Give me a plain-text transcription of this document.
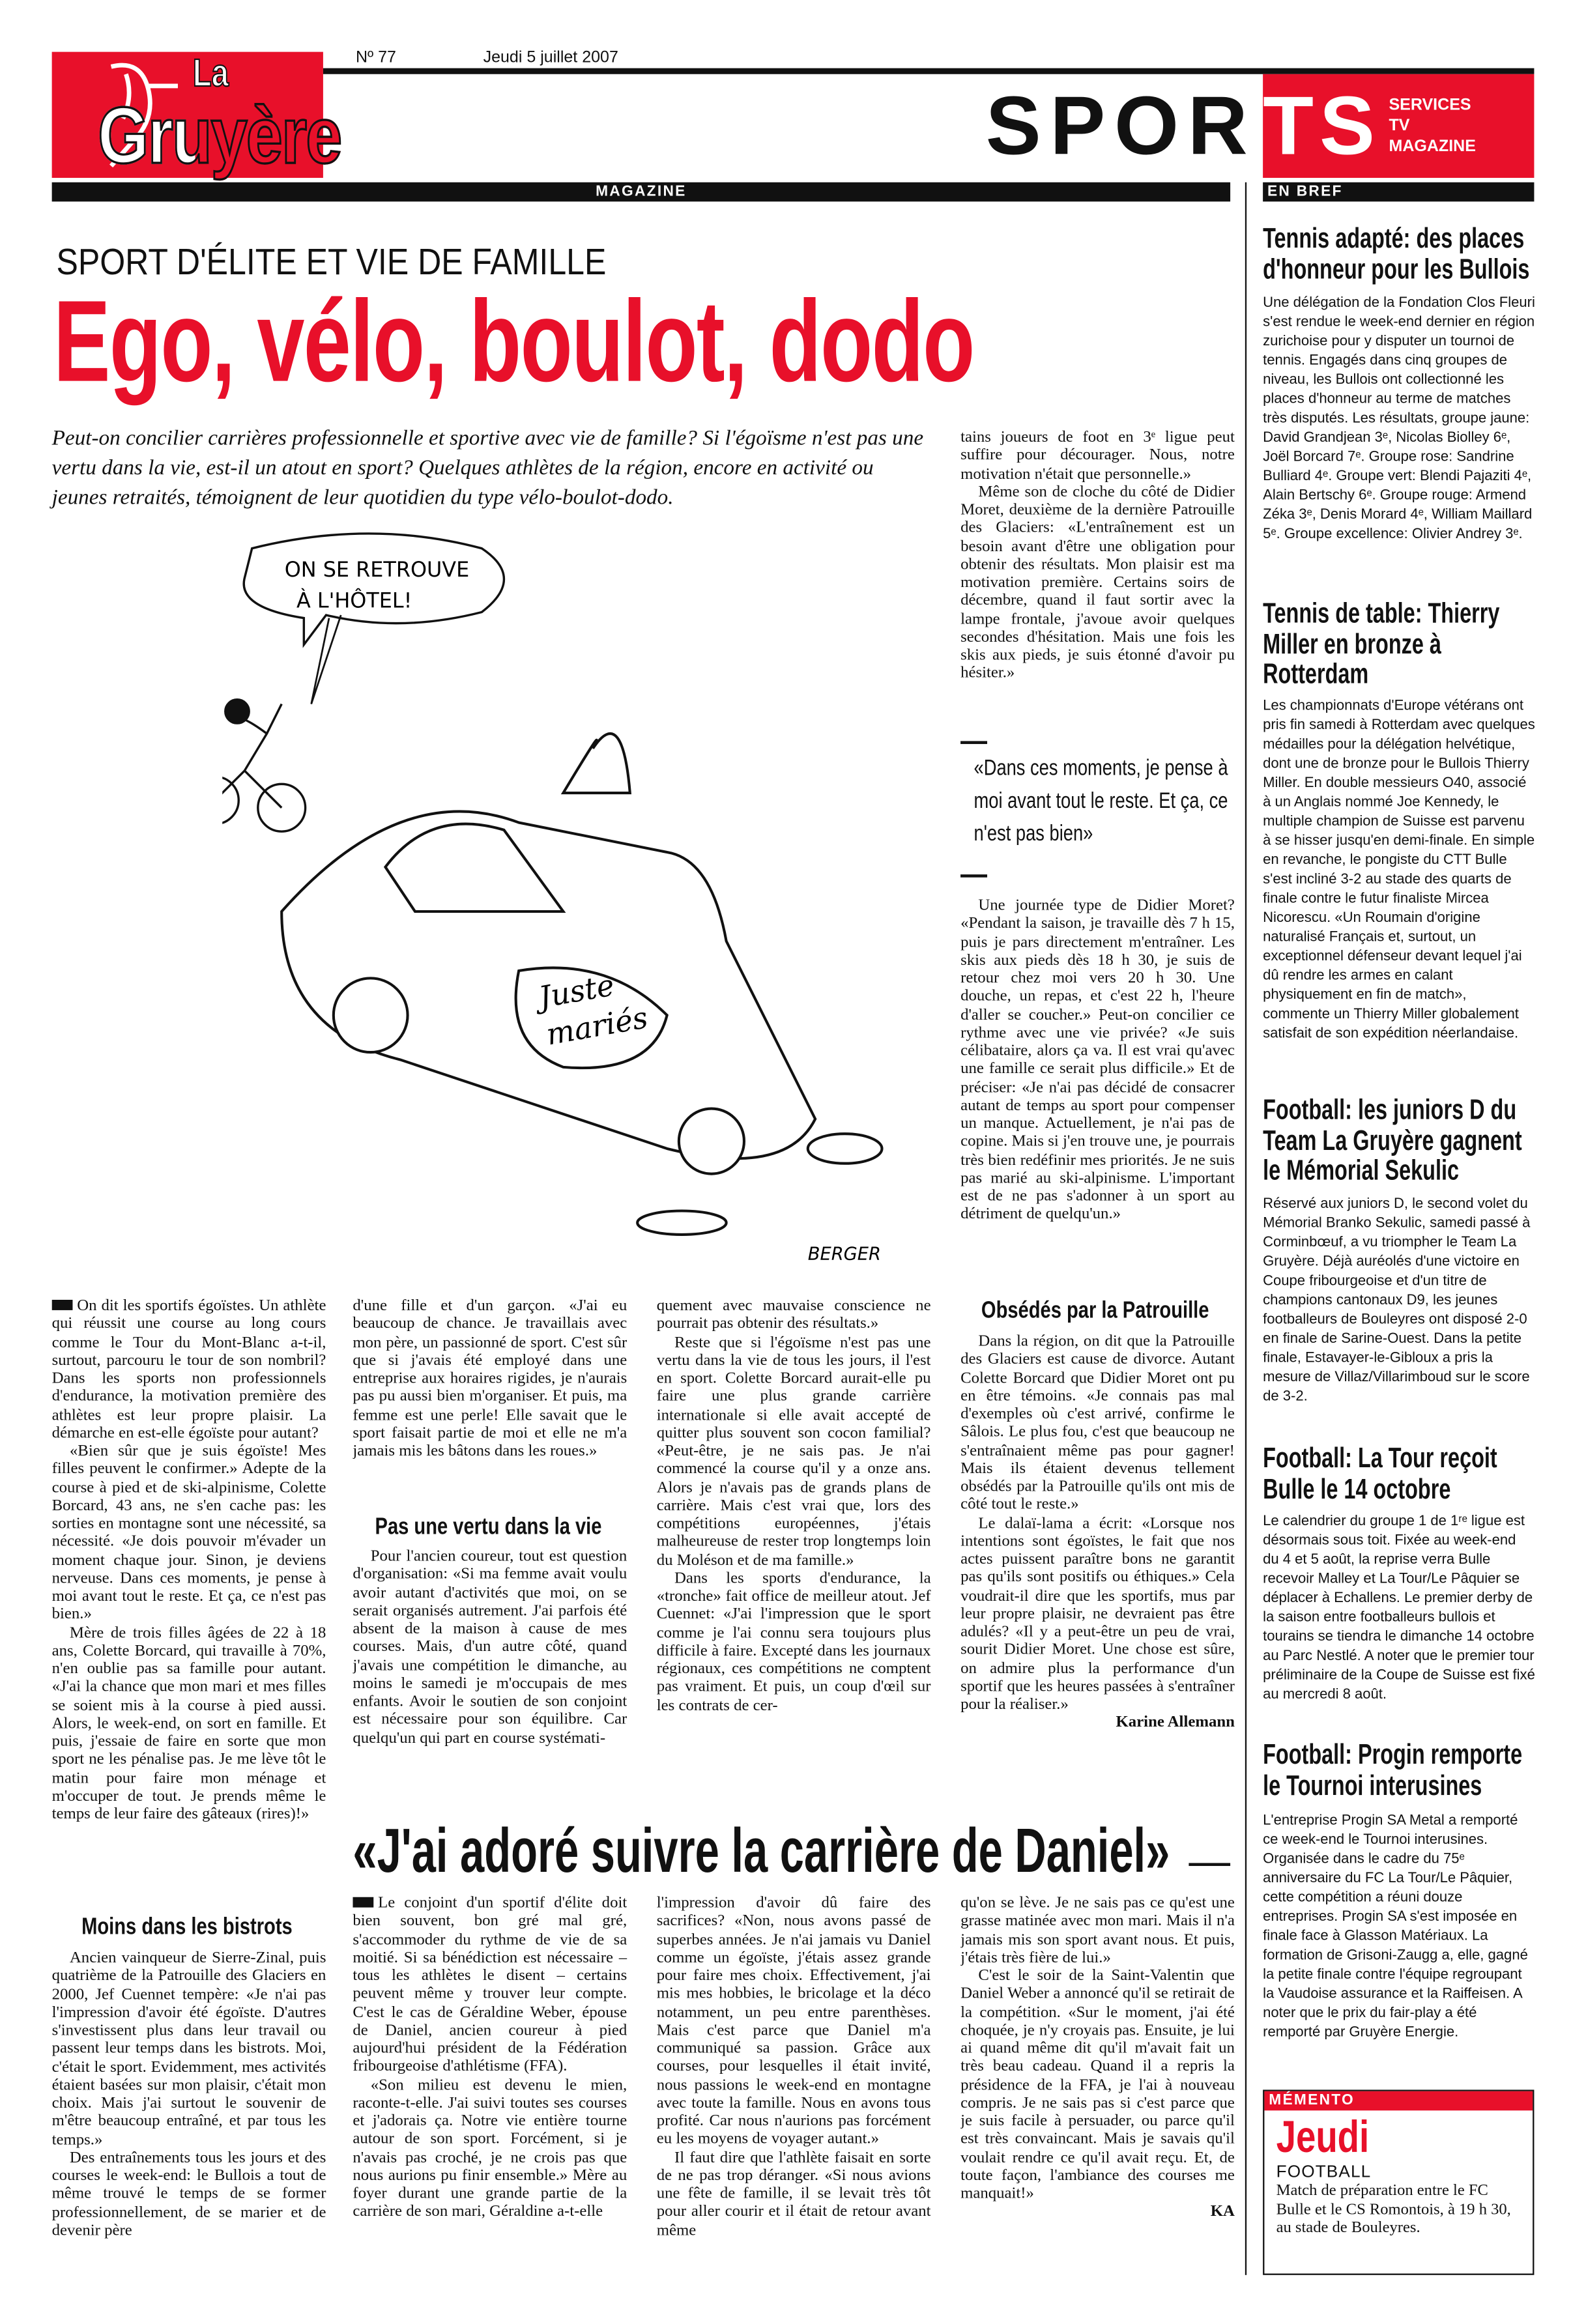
Gruyère
La	Nº 77	Jeudi 5 juillet 2007
SPOR TS SERVICES
TV
MAGAZINE
MAGAZINE	EN BREF
SPORT D'ÉLITE ET VIE DE FAMILLE
Ego, vélo, boulot, dodo
Peut-on concilier carrières professionnelle et sportive avec vie de famille? Si l'égoïsme n'est pas une vertu dans la vie, est-il un atout en sport? Quelques athlètes de la région, encore en activité ou jeunes retraités, témoignent de leur quotidien du type vélo-boulot-dodo.
ON SE RETROUVE
À L'HÔTEL!
Juste
mariés
BERGER

On dit les sportifs égoïstes. Un athlète qui réussit une course au long cours comme le Tour du Mont-Blanc a-t-il, surtout, parcouru le tour de son nombril? Dans les sports non professionnels d'endurance, la motivation première des athlètes est leur propre plaisir. La démarche en est-elle égoïste pour autant?

«Bien sûr que je suis égoïste! Mes filles peuvent le confirmer.» Adepte de la course à pied et de ski-alpinisme, Colette Borcard, 43 ans, ne s'en cache pas: les sorties en montagne sont une nécessité, sa nécessité. «Je dois pouvoir m'évader un moment chaque jour. Sinon, je deviens nerveuse. Dans ces moments, je pense à moi avant tout le reste. Et ça, ce n'est pas bien.»

Mère de trois filles âgées de 22 à 18 ans, Colette Borcard, qui travaille à 70%, n'en oublie pas sa famille pour autant. «J'ai la chance que mon mari et mes filles se soient mis à la course à pied aussi. Alors, le week-end, on sort en famille. Et puis, j'essaie de faire en sorte que mon sport ne les pénalise pas. Je me lève tôt le matin pour faire mon ménage et m'occuper de tout. Je prends même le temps de leur faire des gâteaux (rires)!»

Moins dans les bistrots

Ancien vainqueur de Sierre-Zinal, puis quatrième de la Patrouille des Glaciers en 2000, Jef Cuennet tempère: «Je n'ai pas l'impression d'avoir été égoïste. D'autres s'investissent plus dans leur travail ou passent leur temps dans les bistrots. Moi, c'était le sport. Evidemment, mes activités étaient basées sur mon plaisir, c'était mon choix. Mais j'ai surtout le souvenir de m'être beaucoup entraîné, et par tous les temps.»

Des entraînements tous les jours et des courses le week-end: le Bullois a tout de même trouvé le temps de se former professionnellement, de se marier et de devenir père

d'une fille et d'un garçon. «J'ai eu beaucoup de chance. Je travaillais avec mon père, un passionné de sport. C'est sûr que si j'avais été employé dans une entreprise aux horaires rigides, je n'aurais pas pu aussi bien m'organiser. Et puis, ma femme est une perle! Elle savait que le sport faisait partie de moi et elle ne m'a jamais mis les bâtons dans les roues.»

Pas une vertu dans la vie

Pour l'ancien coureur, tout est question d'organisation: «Si ma femme avait voulu avoir autant d'activités que moi, on se serait organisés autrement. J'ai parfois été absent de la maison à cause de mes courses. Mais, d'un autre côté, quand j'avais une compétition le dimanche, au moins le samedi je m'occupais de mes enfants. Avoir le soutien de son conjoint est nécessaire pour son équilibre. Car quelqu'un qui part en course systémati-

quement avec mauvaise conscience ne pourrait pas obtenir des résultats.»

Reste que si l'égoïsme n'est pas une vertu dans la vie de tous les jours, il l'est en sport. Colette Borcard aurait-elle pu faire une plus grande carrière internationale si elle avait accepté de quitter plus souvent son cocon familial? «Peut-être, je ne sais pas. Je n'ai commencé la course qu'il y a onze ans. Alors je n'avais pas de grands plans de carrière. Mais c'est vrai que, lors des compétitions européennes, j'étais malheureuse de rester trop longtemps loin du Moléson et de ma famille.»

Dans les sports d'endurance, la «tronche» fait office de meilleur atout. Jef Cuennet: «J'ai l'impression que le sport comme je l'ai connu sera toujours plus difficile à faire. Excepté dans les journaux régionaux, ces compétitions ne comptent pas vraiment. Et puis, un coup d'œil sur les contrats de cer-

tains joueurs de foot en 3ᵉ ligue peut suffire pour décourager. Nous, notre motivation n'était que personnelle.»

Même son de cloche du côté de Didier Moret, deuxième de la dernière Patrouille des Glaciers: «L'entraînement est un besoin avant d'être une obligation pour obtenir des résultats. Mon plaisir est ma motivation première. Certains soirs de décembre, quand il faut sortir avec la lampe frontale, j'avoue avoir quelques secondes d'hésitation. Mais une fois les skis aux pieds, je suis étonné d'avoir pu hésiter.»

«Dans ces moments, je pense à moi avant tout le reste. Et ça, ce n'est pas bien»

Une journée type de Didier Moret? «Pendant la saison, je travaille dès 7 h 15, puis je pars directement m'entraîner. Les skis aux pieds dès 18 h 30, je suis de retour chez moi vers 20 h 30. Une douche, un repas, et c'est 22 h, l'heure d'aller se coucher.» Peut-on concilier ce rythme avec une vie privée? «Je suis célibataire, alors ça va. Il est vrai qu'avec une famille ce serait plus difficile.» Et de préciser: «Je n'ai pas décidé de consacrer autant de temps au sport pour compenser un manque. Actuellement, je n'ai pas de copine. Mais si j'en trouve une, je pourrais très bien redéfinir mes priorités. Je ne suis pas marié au ski-alpinisme. L'important est de ne pas s'adonner à un sport au détriment de quelqu'un.»

Obsédés par la Patrouille

Dans la région, on dit que la Patrouille des Glaciers est cause de divorce. Autant Colette Borcard que Didier Moret ont pu en être témoins. «Je connais pas mal d'exemples où c'est arrivé, confirme le Sâlois. Le plus fou, c'est que beaucoup ne s'entraînaient même pas pour gagner! Mais ils étaient devenus tellement obsédés par la Patrouille qu'ils ont mis de côté tout le reste.»

Le dalaï-lama a écrit: «Lorsque nos intentions sont égoïstes, le fait que nos actes puissent paraître bons ne garantit pas qu'ils sont positifs ou éthiques.» Cela voudrait-il dire que les sportifs, mus par leur propre plaisir, ne devraient pas être adulés? «Il y a peut-être un peu de vrai, sourit Didier Moret. Une chose est sûre, on admire plus la performance d'un sportif que les heures passées à s'entraîner pour la réaliser.»

Karine Allemann

«J'ai adoré suivre la carrière de Daniel»

Le conjoint d'un sportif d'élite doit bien souvent, bon gré mal gré, s'accommoder du rythme de vie de sa moitié. Si sa bénédiction est nécessaire – tous les athlètes le disent – certains peuvent même y trouver leur compte. C'est le cas de Géraldine Weber, épouse de Daniel, ancien coureur à pied aujourd'hui président de la Fédération fribourgeoise d'athlétisme (FFA).

«Son milieu est devenu le mien, raconte-t-elle. J'ai suivi toutes ses courses et j'adorais ça. Notre vie entière tourne autour de son sport. Forcément, si je n'avais pas croché, je ne crois pas que nous aurions pu finir ensemble.» Mère au foyer durant une grande partie de la carrière de son mari, Géraldine a-t-elle

l'impression d'avoir dû faire des sacrifices? «Non, nous avons passé de superbes années. Je n'ai jamais vu Daniel comme un égoïste, j'étais assez grande pour faire mes choix. Effectivement, j'ai mis mes hobbies, le bricolage et la déco notamment, un peu entre parenthèses. Mais c'est parce que Daniel m'a communiqué sa passion. Grâce aux courses, pour lesquelles il était invité, nous passions le week-end en montagne avec toute la famille. Nous en avons tous profité. Car nous n'aurions pas forcément eu les moyens de voyager autant.»

Il faut dire que l'athlète faisait en sorte de ne pas trop déranger. «Si nous avions une fête de famille, il se levait très tôt pour aller courir et il était de retour avant même

qu'on se lève. Je ne sais pas ce qu'est une grasse matinée avec mon mari. Mais il n'a jamais mis son sport avant nous. Et puis, j'étais très fière de lui.»

C'est le soir de la Saint-Valentin que Daniel Weber a annoncé qu'il se retirait de la compétition. «Sur le moment, j'ai été choquée, je n'y croyais pas. Ensuite, je lui ai quand même dit qu'il m'avait fait un très beau cadeau. Quand il a repris la présidence de la FFA, je l'ai à nouveau compris. Je ne sais pas si c'est parce que je suis facile à persuader, ou parce qu'il est très convaincant. Mais je savais qu'il voulait rendre ce qu'il avait reçu. Et, de toute façon, l'ambiance des courses me manquait!»

KA

Tennis adapté: des places d'honneur pour les Bullois
Une délégation de la Fondation Clos Fleuri s'est rendue le week-end dernier en région zurichoise pour y disputer un tournoi de tennis. Engagés dans cinq groupes de niveau, les Bullois ont collectionné les places d'honneur au terme de matches très disputés. Les résultats, groupe jaune: David Grandjean 3ᵉ, Nicolas Biolley 6ᵉ, Joël Borcard 7ᵉ. Groupe rose: Sandrine Bulliard 4ᵉ. Groupe vert: Blendi Pajaziti 4ᵉ, Alain Bertschy 6ᵉ. Groupe rouge: Armend Zéka 3ᵉ, Denis Morard 4ᵉ, William Maillard 5ᵉ. Groupe excellence: Olivier Andrey 3ᵉ.
Tennis de table: Thierry Miller en bronze à Rotterdam
Les championnats d'Europe vétérans ont pris fin samedi à Rotterdam avec quelques médailles pour la délégation helvétique, dont une de bronze pour le Bullois Thierry Miller. En double messieurs O40, associé à un Anglais nommé Joe Kennedy, le multiple champion de Suisse est parvenu à se hisser jusqu'en demi-finale. En simple en revanche, le pongiste du CTT Bulle s'est incliné 3-2 au stade des quarts de finale contre le futur finaliste Mircea Nicorescu. «Un Roumain d'origine naturalisé Français et, surtout, un exceptionnel défenseur devant lequel j'ai dû rendre les armes en calant physiquement en fin de match», commente un Thierry Miller globalement satisfait de son expédition néerlandaise.
Football: les juniors D du Team La Gruyère gagnent le Mémorial Sekulic
Réservé aux juniors D, le second volet du Mémorial Branko Sekulic, samedi passé à Corminbœuf, a vu triompher le Team La Gruyère. Déjà auréolés d'une victoire en Coupe fribourgeoise et d'un titre de champions cantonaux D9, les jeunes footballeurs de Bouleyres ont disposé 2-0 en finale de Sarine-Ouest. Dans la petite finale, Estavayer-le-Gibloux a pris la mesure de Villaz/Villarimboud sur le score de 3-2.
Football: La Tour reçoit Bulle le 14 octobre
Le calendrier du groupe 1 de 1ʳᵉ ligue est désormais sous toit. Fixée au week-end du 4 et 5 août, la reprise verra Bulle recevoir Malley et La Tour/Le Pâquier se déplacer à Echallens. Le premier derby de la saison entre footballeurs bullois et tourains se tiendra le dimanche 14 octobre au Parc Nestlé. A noter que le premier tour préliminaire de la Coupe de Suisse est fixé au mercredi 8 août.
Football: Progin remporte le Tournoi interusines
L'entreprise Progin SA Metal a remporté ce week-end le Tournoi interusines. Organisée dans le cadre du 75ᵉ anniversaire du FC La Tour/Le Pâquier, cette compétition a réuni douze entreprises. Progin SA s'est imposée en finale face à Glasson Matériaux. La formation de Grisoni-Zaugg a, elle, gagné la petite finale contre l'équipe regroupant la Vaudoise assurance et la Raiffeisen. A noter que le prix du fair-play a été remporté par Gruyère Energie.
MÉMENTO
Jeudi
FOOTBALL
Match de préparation entre le FC Bulle et le CS Romontois, à 19 h 30, au stade de Bouleyres.
